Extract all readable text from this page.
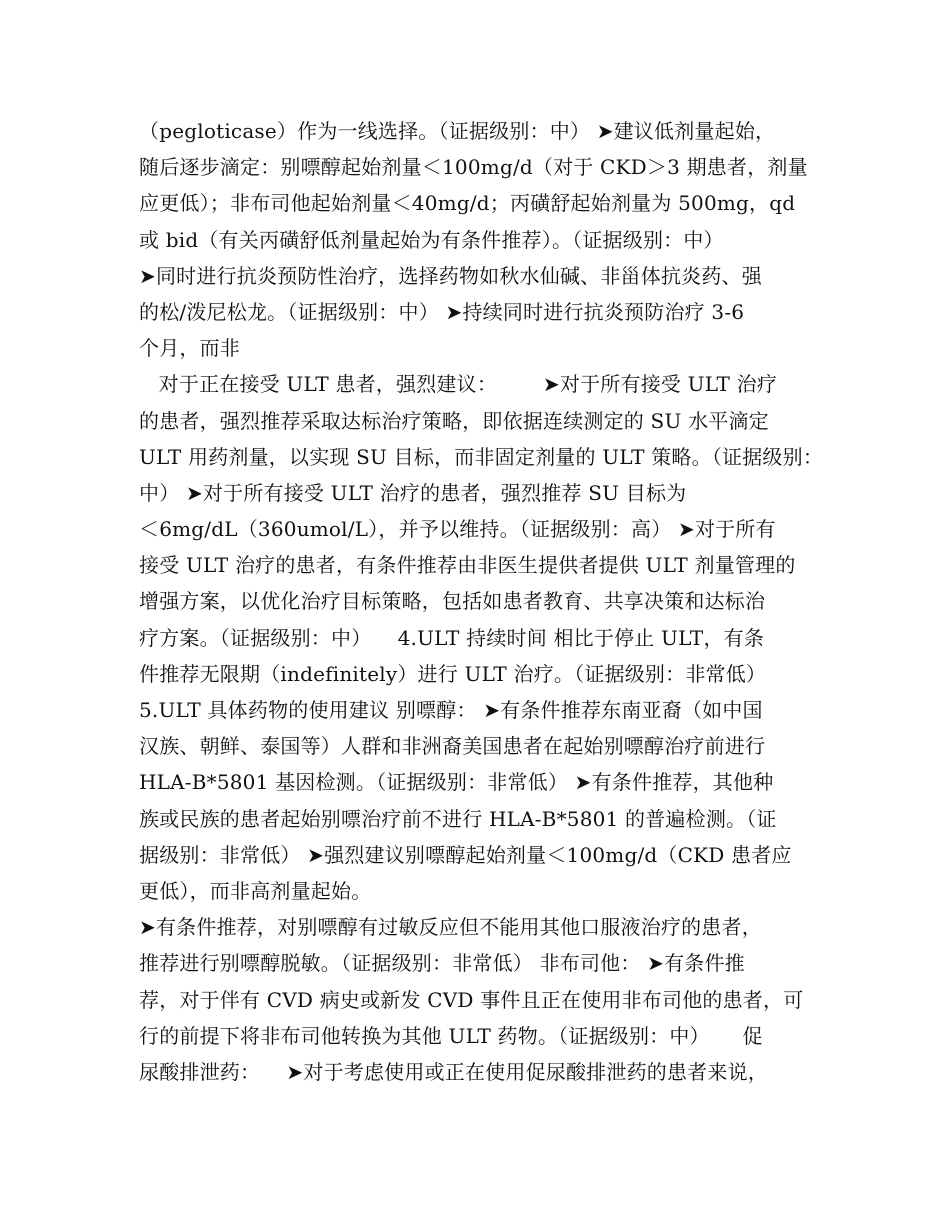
（pegloticase）作为一线选择。（证据级别：中） ➤建议低剂量起始，
随后逐步滴定：别嘌醇起始剂量＜100mg/d（对于 CKD＞3 期患者，剂量
应更低）；非布司他起始剂量＜40mg/d；丙磺舒起始剂量为 500mg，qd
或 bid（有关丙磺舒低剂量起始为有条件推荐）。（证据级别：中）
➤同时进行抗炎预防性治疗，选择药物如秋水仙碱、非甾体抗炎药、强
的松/泼尼松龙。（证据级别：中） ➤持续同时进行抗炎预防治疗 3-6
个月，而非
对于正在接受 ULT 患者，强烈建议：       ➤对于所有接受 ULT 治疗
的患者，强烈推荐采取达标治疗策略，即依据连续测定的 SU 水平滴定
ULT 用药剂量，以实现 SU 目标，而非固定剂量的 ULT 策略。（证据级别：
中） ➤对于所有接受 ULT 治疗的患者，强烈推荐 SU 目标为
＜6mg/dL（360umol/L），并予以维持。（证据级别：高） ➤对于所有
接受 ULT 治疗的患者，有条件推荐由非医生提供者提供 ULT 剂量管理的
增强方案，以优化治疗目标策略，包括如患者教育、共享决策和达标治
疗方案。（证据级别：中）    4.ULT 持续时间 相比于停止 ULT，有条
件推荐无限期（indefinitely）进行 ULT 治疗。（证据级别：非常低）
5.ULT 具体药物的使用建议 别嘌醇： ➤有条件推荐东南亚裔（如中国
汉族、朝鲜、泰国等）人群和非洲裔美国患者在起始别嘌醇治疗前进行
HLA-B*5801 基因检测。（证据级别：非常低） ➤有条件推荐，其他种
族或民族的患者起始别嘌治疗前不进行 HLA-B*5801 的普遍检测。（证
据级别：非常低） ➤强烈建议别嘌醇起始剂量＜100mg/d（CKD 患者应
更低），而非高剂量起始。
➤有条件推荐，对别嘌醇有过敏反应但不能用其他口服液治疗的患者，
推荐进行别嘌醇脱敏。（证据级别：非常低） 非布司他： ➤有条件推
荐，对于伴有 CVD 病史或新发 CVD 事件且正在使用非布司他的患者，可
行的前提下将非布司他转换为其他 ULT 药物。（证据级别：中）     促
尿酸排泄药：    ➤对于考虑使用或正在使用促尿酸排泄药的患者来说，
